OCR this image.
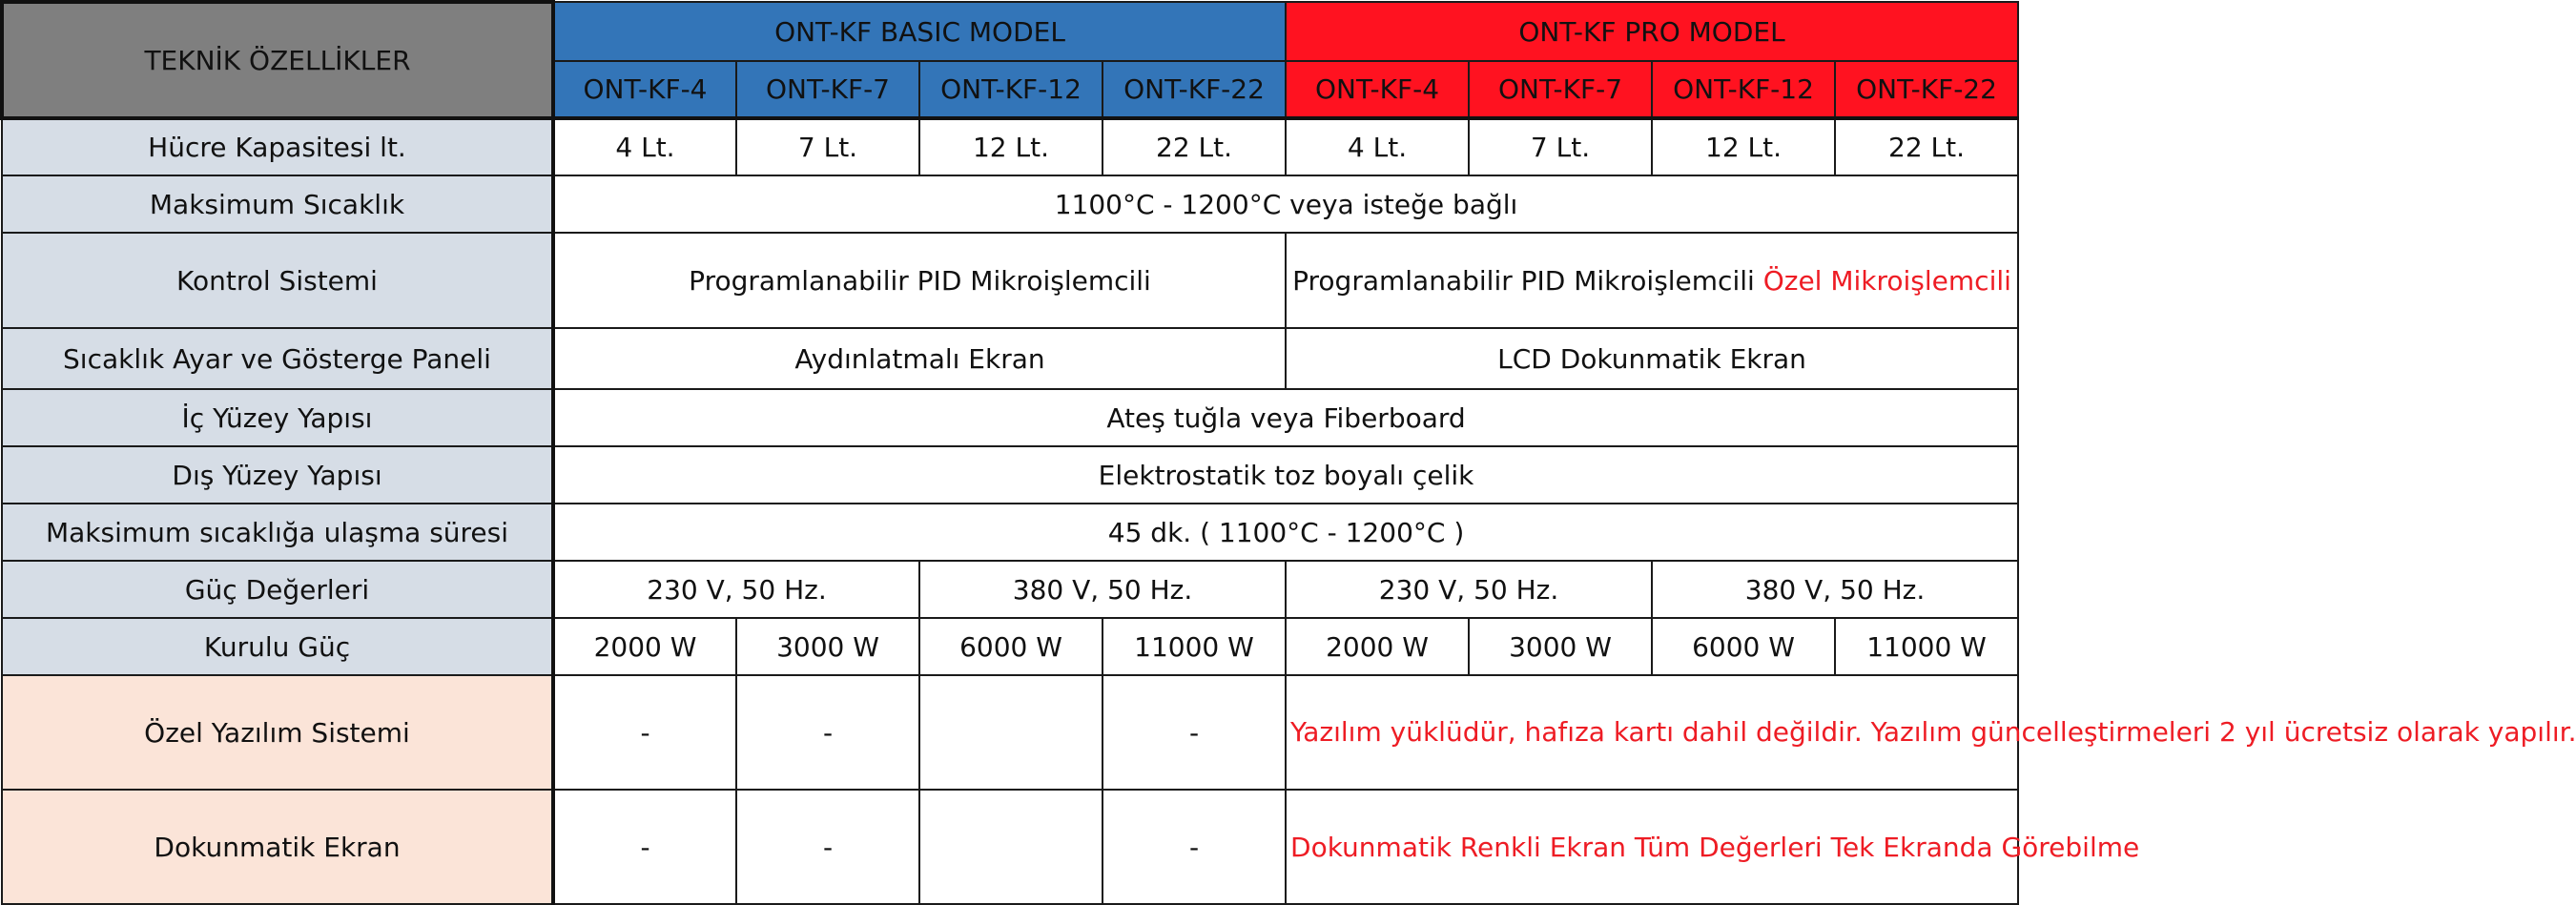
TEKNİK ÖZELLİKLER	ONT-KF BASIC MODEL				ONT-KF PRO MODEL			
	ONT-KF-4	ONT-KF-7	ONT-KF-12	ONT-KF-22	ONT-KF-4	ONT-KF-7	ONT-KF-12	ONT-KF-22
Hücre Kapasitesi lt.	4 Lt.	7 Lt.	12 Lt.	22 Lt.	4 Lt.	7 Lt.	12 Lt.	22 Lt.
Maksimum Sıcaklık	1100°C - 1200°C veya isteğe bağlı							
Kontrol Sistemi	Programlanabilir PID Mikroişlemcili				Programlanabilir PID Mikroişlemcili Özel Mikroişlemcili			
Sıcaklık Ayar ve Gösterge Paneli	Aydınlatmalı Ekran				LCD Dokunmatik Ekran			
İç Yüzey Yapısı	Ateş tuğla veya Fiberboard							
Dış Yüzey Yapısı	Elektrostatik toz boyalı çelik							
Maksimum sıcaklığa ulaşma süresi	45 dk. ( 1100°C - 1200°C )							
Güç Değerleri	230 V, 50 Hz.		380 V, 50 Hz.		230 V, 50 Hz.		380 V, 50 Hz.	
Kurulu Güç	2000 W	3000 W	6000 W	11000 W	2000 W	3000 W	6000 W	11000 W
Özel Yazılım Sistemi	-	-		-	Yazılım yüklüdür, hafıza kartı dahil değildir. Yazılım güncelleştirmeleri 2 yıl ücretsiz olarak yapılır.			
Dokunmatik Ekran	-	-		-	Dokunmatik Renkli Ekran Tüm Değerleri Tek Ekranda Görebilme			
